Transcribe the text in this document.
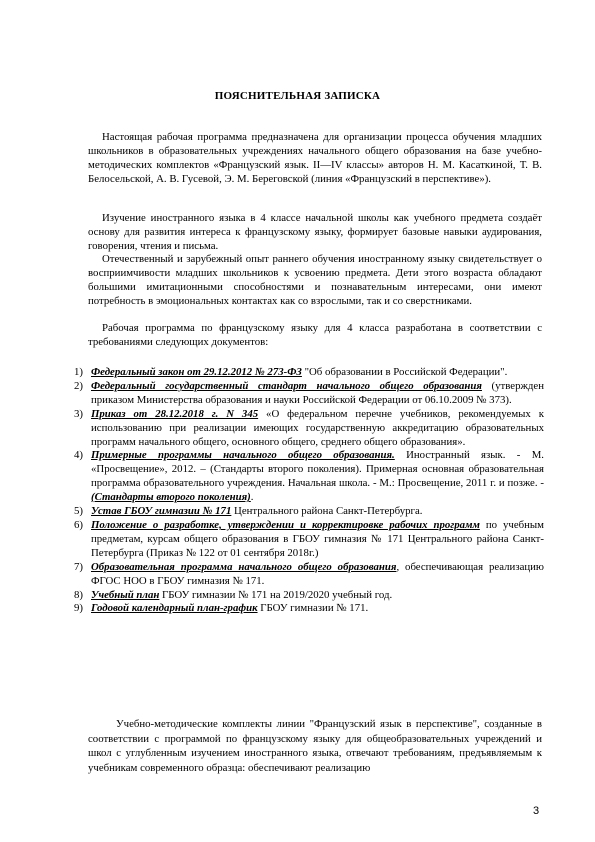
ПОЯСНИТЕЛЬНАЯ ЗАПИСКА
Настоящая рабочая программа предназначена для организации процесса обучения младших школьников в образовательных учреждениях начального общего образования на базе учебно-методических комплектов «Французский язык. II—IV классы» авторов Н. М. Касаткиной, Т. В. Белосельской, А. В. Гусевой, Э. М. Береговской (линия «Французский в перспективе»).
Изучение иностранного языка в 4 классе начальной школы как учебного предмета создаёт основу для развития интереса к французскому языку, формирует базовые навыки аудирования, говорения, чтения и письма.
Отечественный и зарубежный опыт раннего обучения иностранному языку свидетельствует о восприимчивости младших школьников к усвоению предмета. Дети этого возраста обладают большими имитационными способностями и познавательным интересами, они имеют потребность в эмоциональных контактах как со взрослыми, так и со сверстниками.
Рабочая программа по французскому языку для 4 класса разработана в соответствии с требованиями следующих документов:
1) Федеральный закон от 29.12.2012 № 273-ФЗ "Об образовании в Российской Федерации".
2) Федеральный государственный стандарт начального общего образования (утвержден приказом Министерства образования и науки Российской Федерации от 06.10.2009 № 373).
3) Приказ от 28.12.2018 г. N 345 «О федеральном перечне учебников, рекомендуемых к использованию при реализации имеющих государственную аккредитацию образовательных программ начального общего, основного общего, среднего общего образования».
4) Примерные программы начального общего образования. Иностранный язык. - М. «Просвещение», 2012. – (Стандарты второго поколения). Примерная основная образовательная программа образовательного учреждения. Начальная школа. - М.: Просвещение, 2011 г. и позже. - (Стандарты второго поколения).
5) Устав ГБОУ гимназии № 171 Центрального района Санкт-Петербурга.
6) Положение о разработке, утверждении и корректировке рабочих программ по учебным предметам, курсам общего образования в ГБОУ гимназия № 171 Центрального района Санкт-Петербурга (Приказ № 122 от 01 сентября 2018г.)
7) Образовательная программа начального общего образования, обеспечивающая реализацию ФГОС НОО в ГБОУ гимназия № 171.
8) Учебный план ГБОУ гимназии № 171 на 2019/2020 учебный год.
9) Годовой календарный план-график ГБОУ гимназии № 171.
Учебно-методические комплекты линии "Французский язык в перспективе", созданные в соответствии с программой по французскому языку для общеобразовательных учреждений и школ с углубленным изучением иностранного языка, отвечают требованиям, предъявляемым к учебникам современного образца: обеспечивают реализацию
3
